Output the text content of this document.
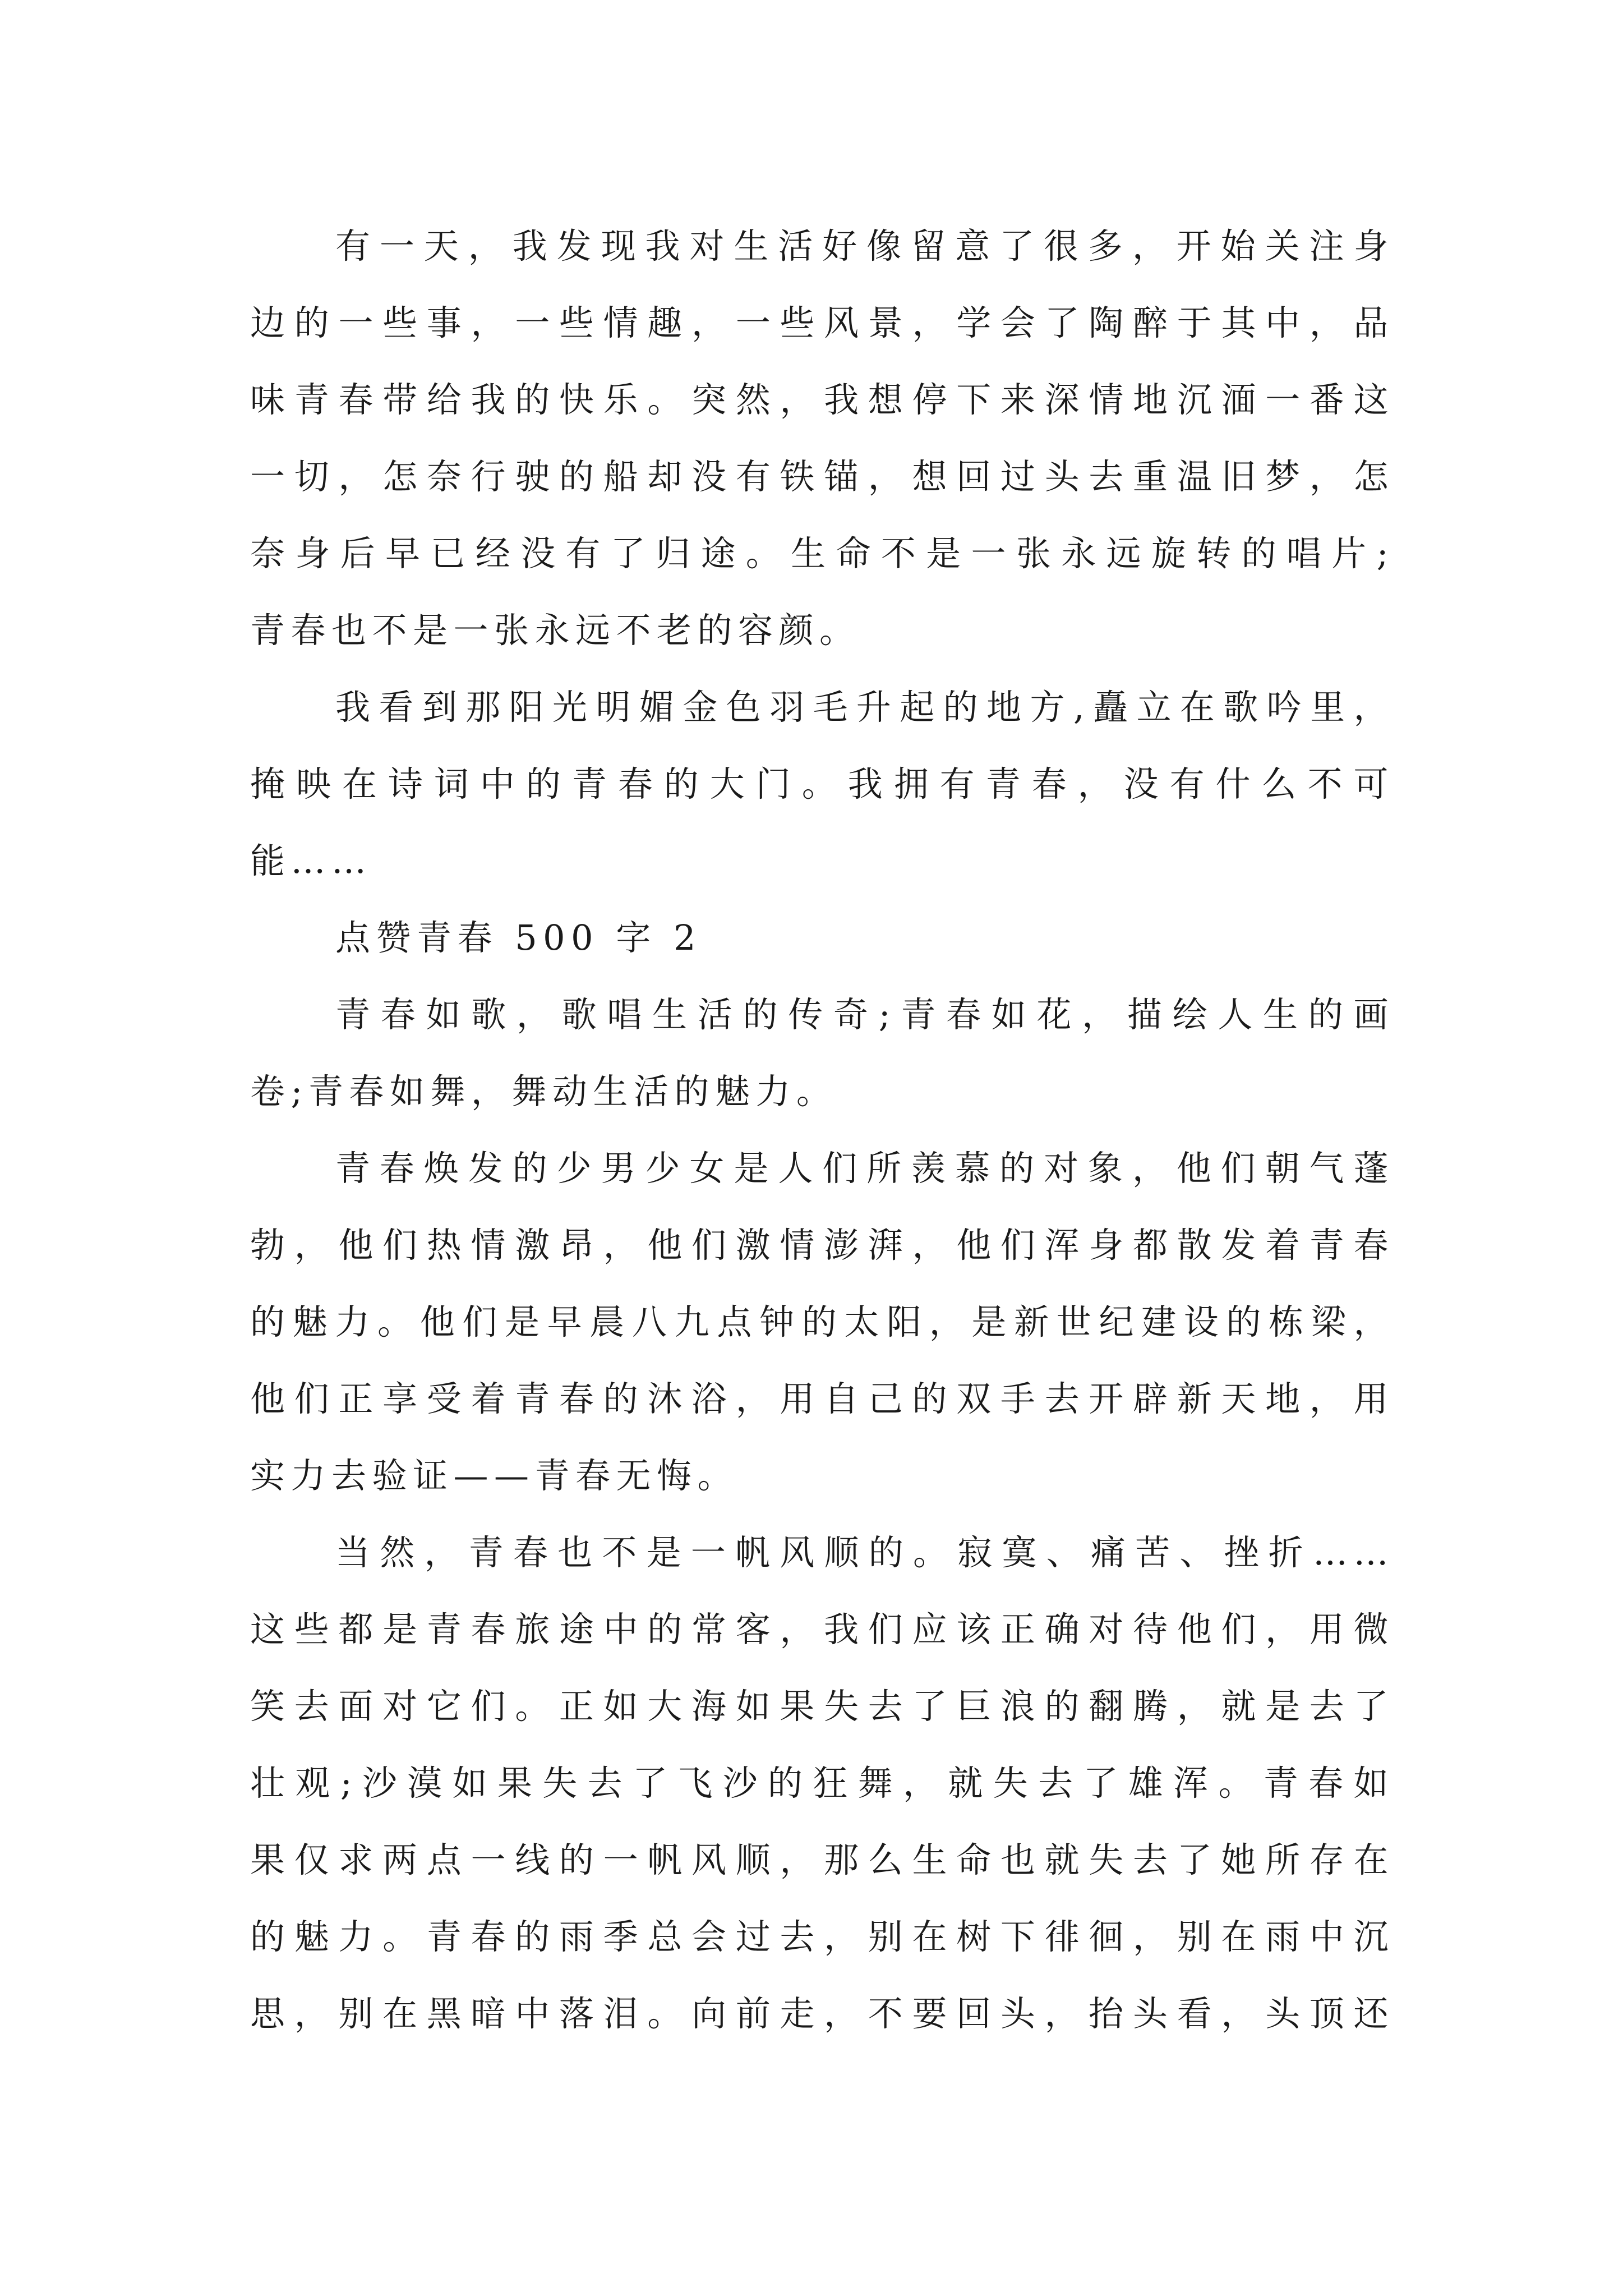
有一天，我发现我对生活好像留意了很多，开始关注身
边的一些事，一些情趣，一些风景，学会了陶醉于其中，品
味青春带给我的快乐。突然，我想停下来深情地沉湎一番这
一切，怎奈行驶的船却没有铁锚，想回过头去重温旧梦，怎
奈身后早已经没有了归途。生命不是一张永远旋转的唱片;
青春也不是一张永远不老的容颜。
我看到那阳光明媚金色羽毛升起的地方,矗立在歌吟里，
掩映在诗词中的青春的大门。我拥有青春，没有什么不可
能……
点赞青春 500 字 2
青春如歌，歌唱生活的传奇;青春如花，描绘人生的画
卷;青春如舞，舞动生活的魅力。
青春焕发的少男少女是人们所羡慕的对象，他们朝气蓬
勃，他们热情激昂，他们激情澎湃，他们浑身都散发着青春
的魅力。他们是早晨八九点钟的太阳，是新世纪建设的栋梁，
他们正享受着青春的沐浴，用自己的双手去开辟新天地，用
实力去验证——青春无悔。
当然，青春也不是一帆风顺的。寂寞、痛苦、挫折……
这些都是青春旅途中的常客，我们应该正确对待他们，用微
笑去面对它们。正如大海如果失去了巨浪的翻腾，就是去了
壮观;沙漠如果失去了飞沙的狂舞，就失去了雄浑。青春如
果仅求两点一线的一帆风顺，那么生命也就失去了她所存在
的魅力。青春的雨季总会过去，别在树下徘徊，别在雨中沉
思，别在黑暗中落泪。向前走，不要回头，抬头看，头顶还
